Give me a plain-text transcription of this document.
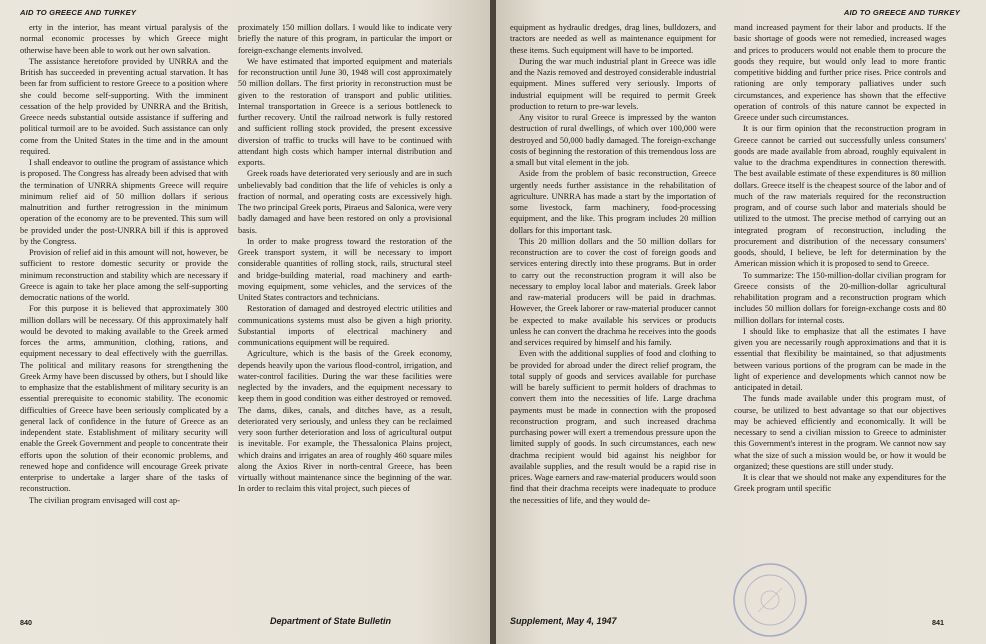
AID TO GREECE AND TURKEY

erty in the interior, has meant virtual paralysis of the normal economic processes by which Greece might otherwise have been able to work out her own salvation.

The assistance heretofore provided by UNRRA and the British has succeeded in preventing actual starvation. It has been far from sufficient to restore Greece to a position where she could become self-supporting. With the imminent cessation of the help provided by UNRRA and the British, Greece needs substantial outside assistance if suffering and political turmoil are to be avoided. Such assistance can only come from the United States in the time and in the amount required.

I shall endeavor to outline the program of assistance which is proposed. The Congress has already been advised that with the termination of UNRRA shipments Greece will require minimum relief aid of 50 million dollars if serious malnutrition and further retrogression in the minimum operation of the economy are to be prevented. This sum will be provided under the post-UNRRA bill if this is approved by the Congress.

Provision of relief aid in this amount will not, however, be sufficient to restore domestic security or provide the minimum reconstruction and stability which are necessary if Greece is again to take her place among the self-supporting democratic nations of the world.

For this purpose it is believed that approximately 300 million dollars will be necessary. Of this approximately half would be devoted to making available to the Greek armed forces the arms, ammunition, clothing, rations, and equipment necessary to deal effectively with the guerrillas. The political and military reasons for strengthening the Greek Army have been discussed by others, but I should like to emphasize that the establishment of military security is an essential prerequisite to economic stability. The economic difficulties of Greece have been seriously complicated by a general lack of confidence in the future of Greece as an independent state. Establishment of military security will enable the Greek Government and people to concentrate their efforts upon the solution of their economic problems, and renewed hope and confidence will encourage Greek private enterprise to undertake a larger share of the tasks of reconstruction.

The civilian program envisaged will cost ap-

proximately 150 million dollars. I would like to indicate very briefly the nature of this program, in particular the import or foreign-exchange elements involved.

We have estimated that imported equipment and materials for reconstruction until June 30, 1948 will cost approximately 50 million dollars. The first priority in reconstruction must be given to the restoration of transport and public utilities. Internal transportation in Greece is a serious bottleneck to further recovery. Until the railroad network is fully restored and sufficient rolling stock provided, the present excessive diversion of traffic to trucks will have to be continued with attendant high costs which hamper internal distribution and exports.

Greek roads have deteriorated very seriously and are in such unbelievably bad condition that the life of vehicles is only a fraction of normal, and operating costs are excessively high. The two principal Greek ports, Piraeus and Salonica, were very badly damaged and have been restored on only a provisional basis.

In order to make progress toward the restoration of the Greek transport system, it will be necessary to import considerable quantities of rolling stock, rails, structural steel and bridge-building material, road machinery and earth-moving equipment, some vehicles, and the services of the United States contractors and technicians.

Restoration of damaged and destroyed electric utilities and communications systems must also be given a high priority. Substantial imports of electrical machinery and communications equipment will be required.

Agriculture, which is the basis of the Greek economy, depends heavily upon the various flood-control, irrigation, and water-control facilities. During the war these facilities were neglected by the invaders, and the equipment necessary to keep them in good condition was either destroyed or removed. The dams, dikes, canals, and ditches have, as a result, deteriorated very seriously, and unless they can be reclaimed very soon further deterioration and loss of agricultural output is inevitable. For example, the Thessalonica Plains project, which drains and irrigates an area of roughly 460 square miles along the Axios River in north-central Greece, has been virtually without maintenance since the beginning of the war. In order to reclaim this vital project, such pieces of

840	Department of State Bulletin
AID TO GREECE AND TURKEY

equipment as hydraulic dredges, drag lines, bulldozers, and tractors are needed as well as maintenance equipment for these items. Such equipment will have to be imported.

During the war much industrial plant in Greece was idle and the Nazis removed and destroyed considerable industrial equipment. Mines suffered very seriously. Imports of industrial equipment will be required to permit Greek production to return to pre-war levels.

Any visitor to rural Greece is impressed by the wanton destruction of rural dwellings, of which over 100,000 were destroyed and 50,000 badly damaged. The foreign-exchange costs of beginning the restoration of this tremendous loss are a small but vital element in the job.

Aside from the problem of basic reconstruction, Greece urgently needs further assistance in the rehabilitation of agriculture. UNRRA has made a start by the importation of some livestock, farm machinery, food-processing equipment, and the like. This program includes 20 million dollars for this important task.

This 20 million dollars and the 50 million dollars for reconstruction are to cover the cost of foreign goods and services entering directly into these programs. But in order to carry out the reconstruction program it will also be necessary to employ local labor and materials. Greek labor and raw-material producers will be paid in drachmas. However, the Greek laborer or raw-material producer cannot be expected to make available his services or products unless he can convert the drachma he receives into the goods and services required by himself and his family.

Even with the additional supplies of food and clothing to be provided for abroad under the direct relief program, the total supply of goods and services available for purchase will be barely sufficient to permit holders of drachmas to convert them into the necessities of life. Large drachma payments must be made in connection with the proposed reconstruction program, and such increased drachma purchasing power will exert a tremendous pressure upon the limited supply of goods. In such circumstances, each new drachma recipient would bid against his neighbor for available supplies, and the result would be a rapid rise in prices. Wage earners and raw-material producers would soon find that their drachma receipts were inadequate to produce the necessities of life, and they would de-

mand increased payment for their labor and products. If the basic shortage of goods were not remedied, increased wages and prices to producers would not enable them to procure the goods they require, but would only lead to more frantic competitive bidding and further price rises. Price controls and rationing are only temporary palliatives under such circumstances, and experience has shown that the effective operation of controls of this nature cannot be expected in Greece under such circumstances.

It is our firm opinion that the reconstruction program in Greece cannot be carried out successfully unless consumers' goods are made available from abroad, roughly equivalent in value to the drachma expenditures in connection therewith. The best available estimate of these expenditures is 80 million dollars. Greece itself is the cheapest source of the labor and of much of the raw materials required for the reconstruction program, and of course such labor and materials should be utilized to the utmost. The precise method of carrying out an integrated program of reconstruction, including the procurement and distribution of the necessary consumers' goods, should, I believe, be left for determination by the American mission which it is proposed to send to Greece.

To summarize: The 150-million-dollar civilian program for Greece consists of the 20-million-dollar agricultural rehabilitation program and a reconstruction program which includes 50 million dollars for foreign-exchange costs and 80 million dollars for internal costs.

I should like to emphasize that all the estimates I have given you are necessarily rough approximations and that it is essential that flexibility be maintained, so that adjustments between various portions of the program can be made in the light of experience and developments which cannot now be anticipated in detail.

The funds made available under this program must, of course, be utilized to best advantage so that our objectives may be achieved efficiently and economically. It will be necessary to send a civilian mission to Greece to administer this Government's interest in the program. We cannot now say what the size of such a mission would be, or how it would be organized; these questions are still under study.

It is clear that we should not make any expenditures for the Greek program until specific

Supplement, May 4, 1947	841
